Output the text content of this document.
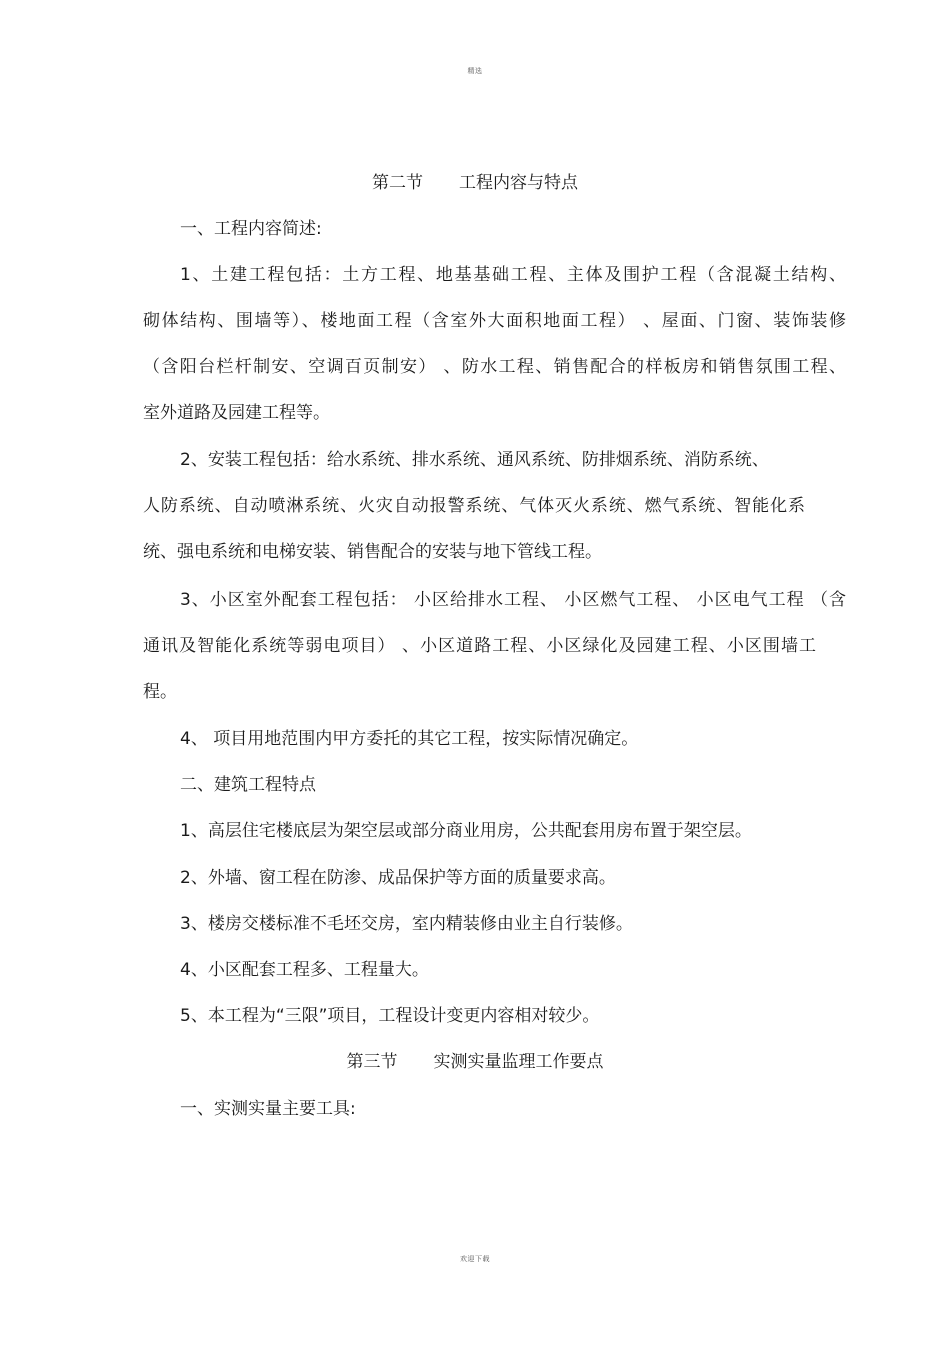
精选

第二节 工程内容与特点

一、工程内容简述:

1、土建工程包括：土方工程、地基基础工程、主体及围护工程（含混凝土结构、

砌体结构、围墙等）、楼地面工程（含室外大面积地面工程） 、屋面、门窗、装饰装修

（含阳台栏杆制安、空调百页制安） 、防水工程、销售配合的样板房和销售氛围工程、

室外道路及园建工程等。

2、安装工程包括：给水系统、排水系统、通风系统、防排烟系统、消防系统、

人防系统、自动喷淋系统、火灾自动报警系统、气体灭火系统、燃气系统、智能化系

统、强电系统和电梯安装、销售配合的安装与地下管线工程。

3、小区室外配套工程包括： 小区给排水工程、 小区燃气工程、 小区电气工程 （含

通讯及智能化系统等弱电项目） 、小区道路工程、小区绿化及园建工程、小区围墙工

程。

4、 项目用地范围内甲方委托的其它工程，按实际情况确定。

二、建筑工程特点

1、高层住宅楼底层为架空层或部分商业用房，公共配套用房布置于架空层。

2、外墙、窗工程在防渗、成品保护等方面的质量要求高。

3、楼房交楼标准不毛坯交房，室内精装修由业主自行装修。

4、小区配套工程多、工程量大。

5、本工程为“三限”项目，工程设计变更内容相对较少。

第三节 实测实量监理工作要点

一、实测实量主要工具:

欢迎下载
